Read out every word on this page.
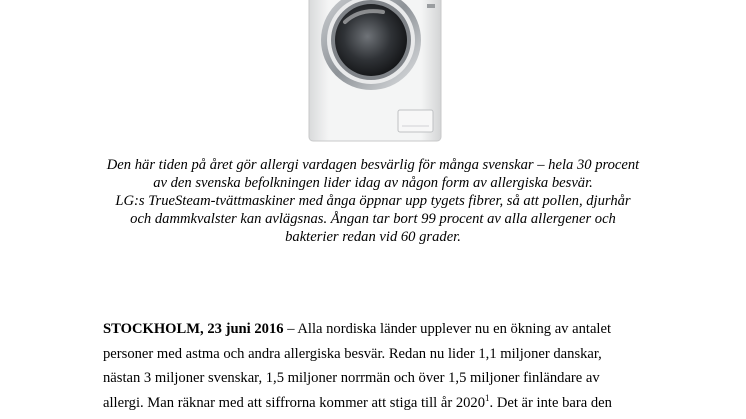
Den här tiden på året gör allergi vardagen besvärlig för många svenskar – hela 30 procent
av den svenska befolkningen lider idag av någon form av allergiska besvär.
LG:s TrueSteam-tvättmaskiner med ånga öppnar upp tygets fibrer, så att pollen, djurhår
och dammkvalster kan avlägsnas. Ångan tar bort 99 procent av alla allergener och
bakterier redan vid 60 grader.
STOCKHOLM, 23 juni 2016 – Alla nordiska länder upplever nu en ökning av antalet
personer med astma och andra allergiska besvär. Redan nu lider 1,1 miljoner danskar,
nästan 3 miljoner svenskar, 1,5 miljoner norrmän och över 1,5 miljoner finländare av
allergi. Man räknar med att siffrorna kommer att stiga till år 2020$^1$. Det är inte bara den
